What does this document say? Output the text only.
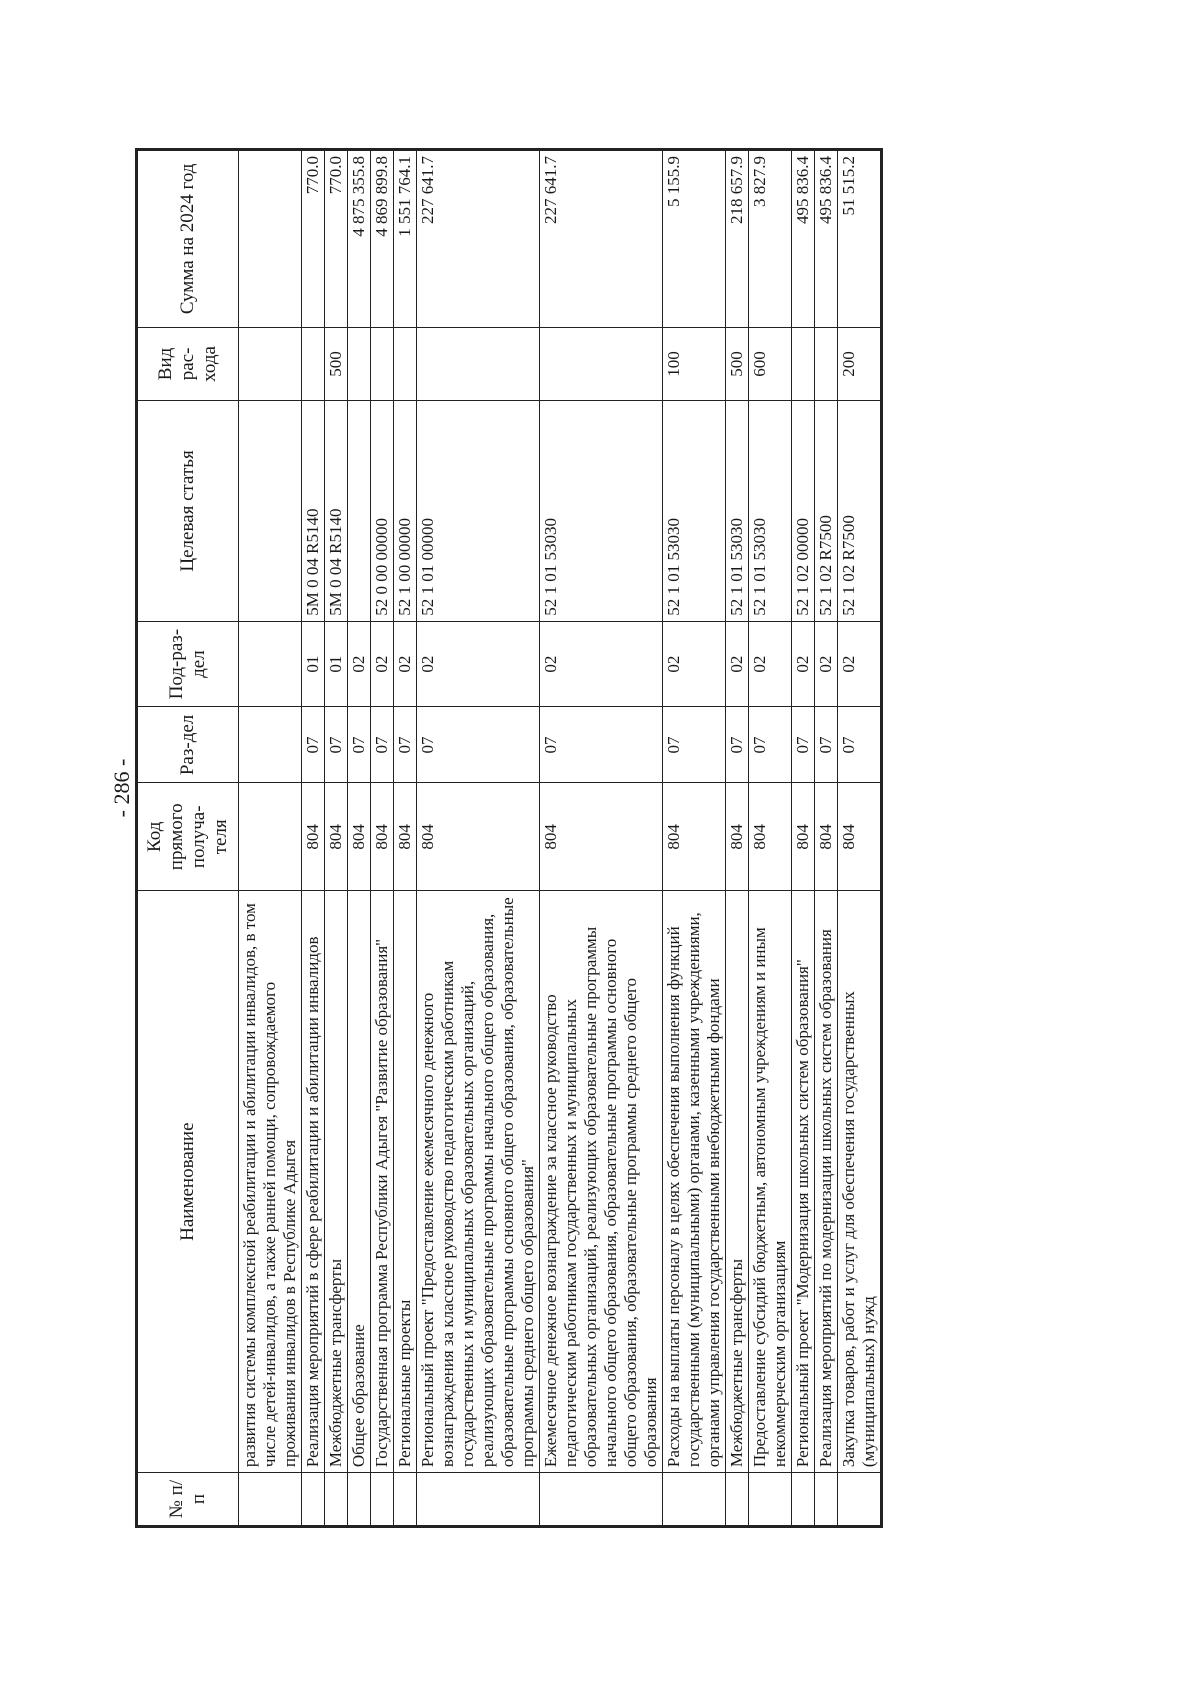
- 286 -
№ п/п	Наименование	Код прямого получа-теля	Раз-дел	Под-раз-дел	Целевая статья	Вид рас-хода	Сумма на 2024 год
	развития системы комплексной реабилитации и абилитации инвалидов, в том числе детей-инвалидов, а также ранней помощи, сопровождаемого проживания инвалидов в Республике Адыгея						
	Реализация мероприятий в сфере реабилитации и абилитации инвалидов	804	07	01	5М 0 04 R5140		770.0
	Межбюджетные трансферты	804	07	01	5М 0 04 R5140	500	770.0
	Общее образование	804	07	02			4 875 355.8
	Государственная программа Республики Адыгея "Развитие образования"	804	07	02	52 0 00 00000		4 869 899.8
	Региональные проекты	804	07	02	52 1 00 00000		1 551 764.1
	Региональный проект "Предоставление ежемесячного денежного вознаграждения за классное руководство педагогическим работникам государственных и муниципальных образовательных организаций, реализующих образовательные программы начального общего образования, образовательные программы основного общего образования, образовательные программы среднего общего образования"	804	07	02	52 1 01 00000		227 641.7
	Ежемесячное денежное вознаграждение за классное руководство педагогическим работникам государственных и муниципальных образовательных организаций, реализующих образовательные программы начального общего образования, образовательные программы основного общего образования, образовательные программы среднего общего образования	804	07	02	52 1 01 53030		227 641.7
	Расходы на выплаты персоналу в целях обеспечения выполнения функций государственными (муниципальными) органами, казенными учреждениями, органами управления государственными внебюджетными фондами	804	07	02	52 1 01 53030	100	5 155.9
	Межбюджетные трансферты	804	07	02	52 1 01 53030	500	218 657.9
	Предоставление субсидий бюджетным, автономным учреждениям и иным некоммерческим организациям	804	07	02	52 1 01 53030	600	3 827.9
	Региональный проект "Модернизация школьных систем образования"	804	07	02	52 1 02 00000		495 836.4
	Реализация мероприятий по модернизации школьных систем образования	804	07	02	52 1 02 R7500		495 836.4
	Закупка товаров, работ и услуг для обеспечения государственных (муниципальных) нужд	804	07	02	52 1 02 R7500	200	51 515.2
